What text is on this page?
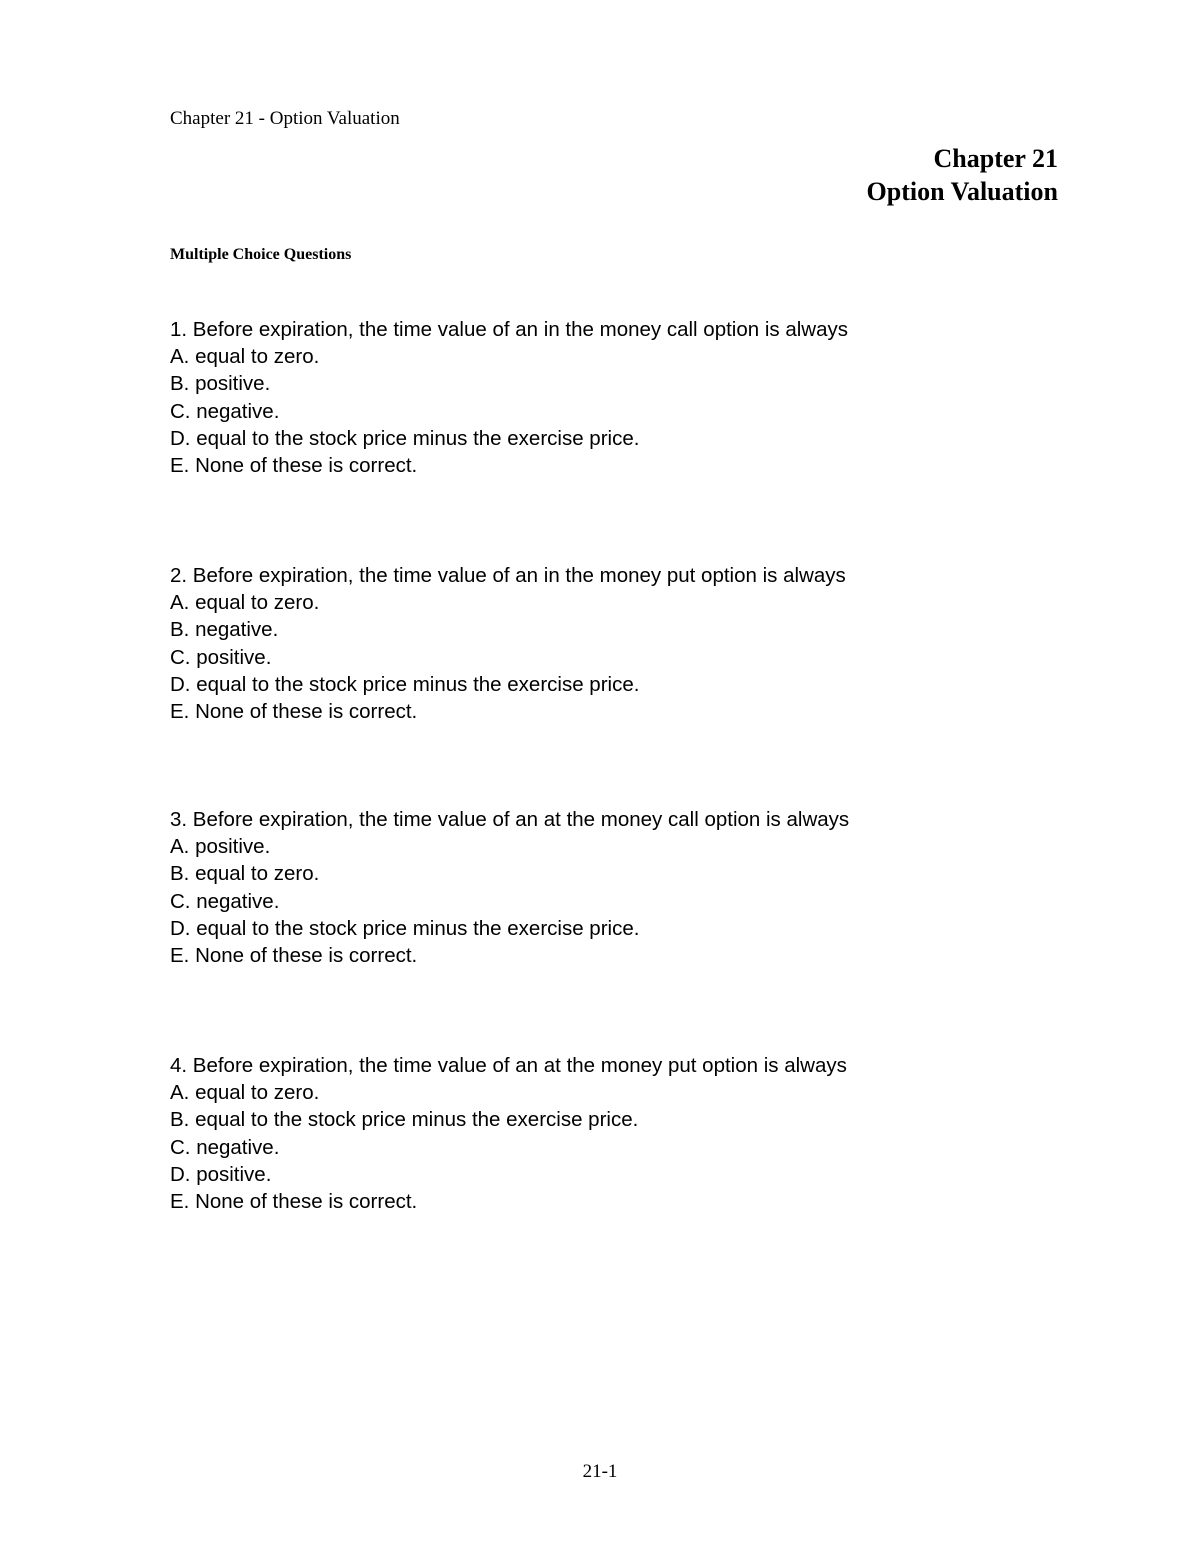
Chapter 21 - Option Valuation
Chapter 21
Option Valuation
Multiple Choice Questions
1. Before expiration, the time value of an in the money call option is always
A. equal to zero.
B. positive.
C. negative.
D. equal to the stock price minus the exercise price.
E. None of these is correct.
2. Before expiration, the time value of an in the money put option is always
A. equal to zero.
B. negative.
C. positive.
D. equal to the stock price minus the exercise price.
E. None of these is correct.
3. Before expiration, the time value of an at the money call option is always
A. positive.
B. equal to zero.
C. negative.
D. equal to the stock price minus the exercise price.
E. None of these is correct.
4. Before expiration, the time value of an at the money put option is always
A. equal to zero.
B. equal to the stock price minus the exercise price.
C. negative.
D. positive.
E. None of these is correct.
21-1
